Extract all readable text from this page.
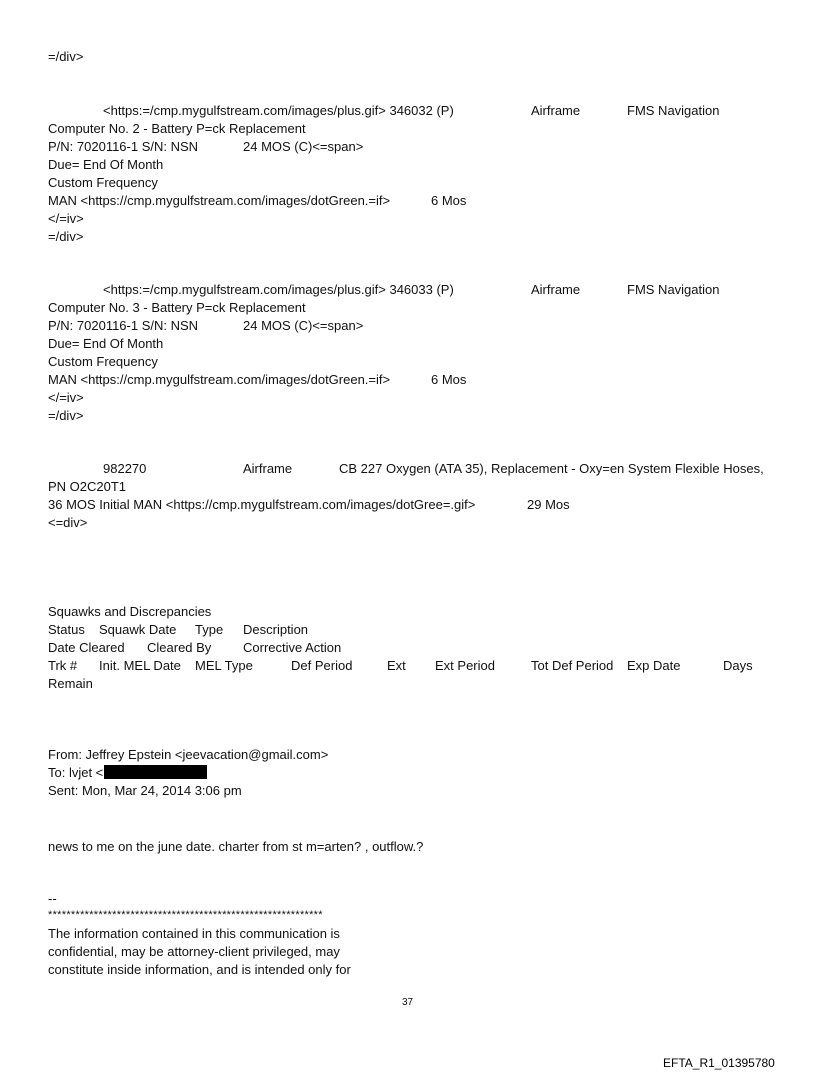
=/div>
<https:=/cmp.mygulfstream.com/images/plus.gif> 346032 (P)	Airframe	FMS Navigation
Computer No. 2 - Battery P=ck Replacement
P/N: 7020116-1 S/N: NSN	24 MOS (C)<=span>
Due= End Of Month
Custom Frequency
MAN <https://cmp.mygulfstream.com/images/dotGreen.=if>	6 Mos
</=iv>
=/div>
<https:=/cmp.mygulfstream.com/images/plus.gif> 346033 (P)	Airframe	FMS Navigation
Computer No. 3 - Battery P=ck Replacement
P/N: 7020116-1 S/N: NSN	24 MOS (C)<=span>
Due= End Of Month
Custom Frequency
MAN <https://cmp.mygulfstream.com/images/dotGreen.=if>	6 Mos
</=iv>
=/div>
982270	Airframe	CB 227 Oxygen (ATA 35), Replacement - Oxy=en System Flexible Hoses,
PN O2C20T1
36 MOS Initial MAN <https://cmp.mygulfstream.com/images/dotGree=.gif>	29 Mos
<=div>
Squawks and Discrepancies
Status Squawk Date Type Description
Date Cleared Cleared By Corrective Action
Trk # Init. MEL Date MEL Type	Def Period	Ext Ext Period	Tot Def Period Exp Date	Days
Remain
From: Jeffrey Epstein <jeevacation@gmail.com>
To: lvjet <
Sent: Mon, Mar 24, 2014 3:06 pm
news to me on the june date. charter from st m=arten? , outflow.?
--
************************************************************
The information contained in this communication is
confidential, may be attorney-client privileged, may
constitute inside information, and is intended only for
37
EFTA_R1_01395780
